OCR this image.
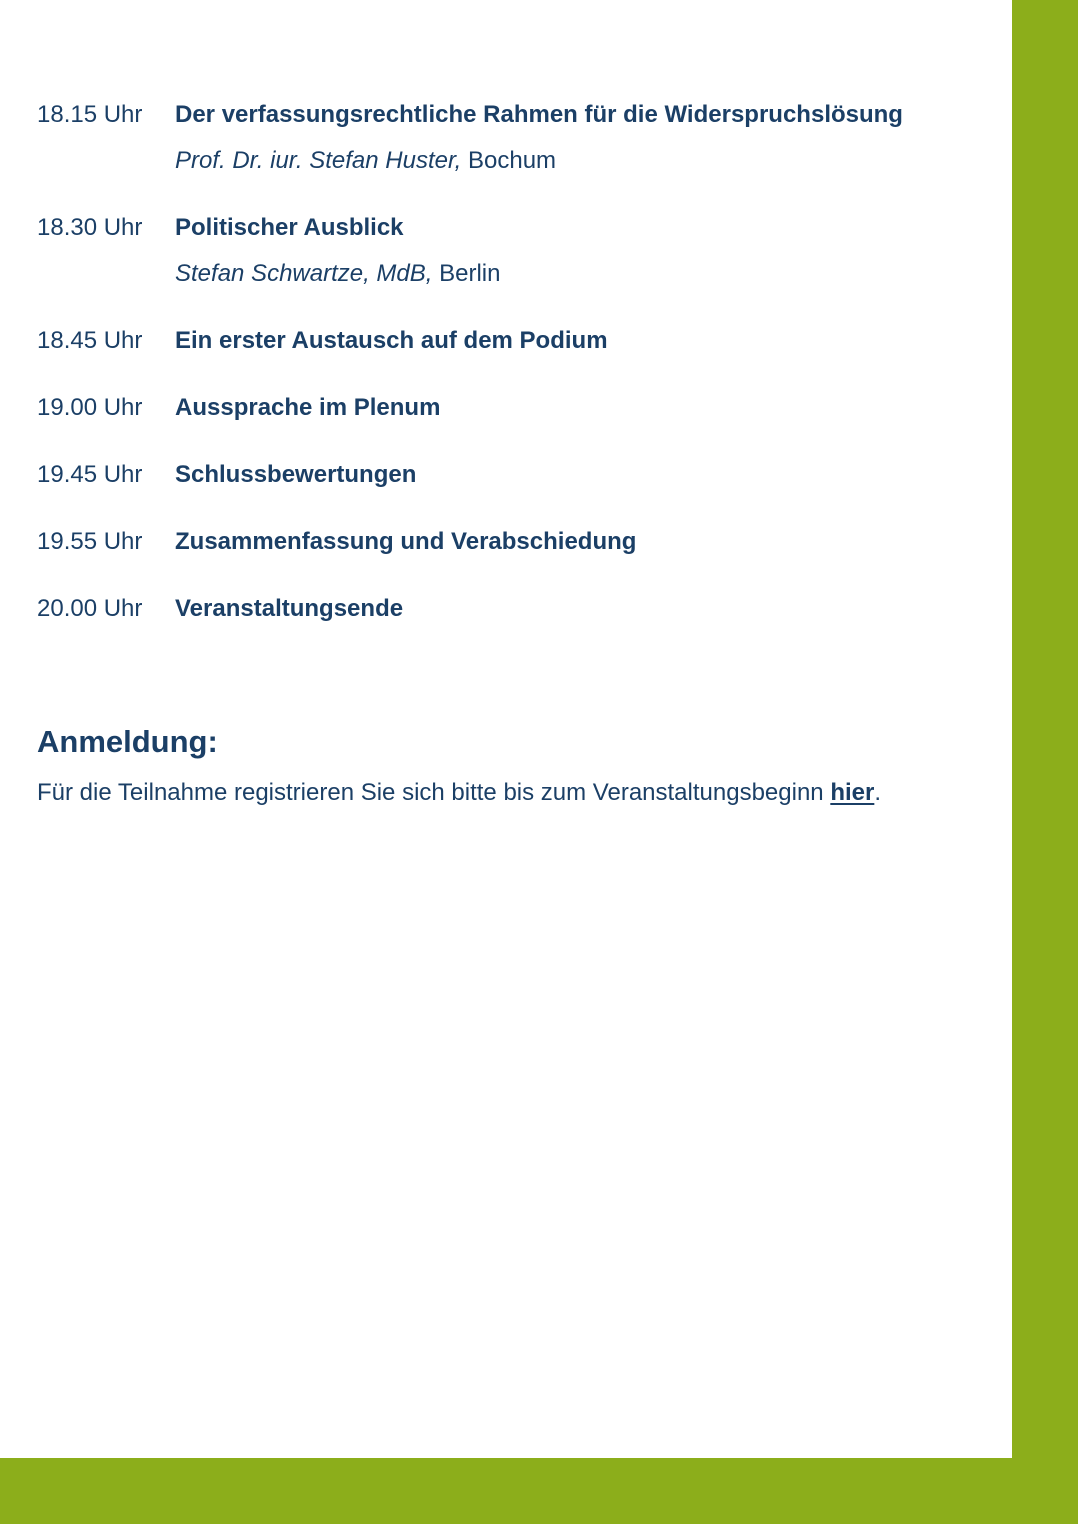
18.15 Uhr	Der verfassungsrechtliche Rahmen für die Widerspruchslösung
Prof. Dr. iur. Stefan Huster, Bochum
18.30 Uhr	Politischer Ausblick
Stefan Schwartze, MdB, Berlin
18.45 Uhr	Ein erster Austausch auf dem Podium
19.00 Uhr	Aussprache im Plenum
19.45 Uhr	Schlussbewertungen
19.55 Uhr	Zusammenfassung und Verabschiedung
20.00 Uhr	Veranstaltungsende
Anmeldung:

Für die Teilnahme registrieren Sie sich bitte bis zum Veranstaltungsbeginn hier.
